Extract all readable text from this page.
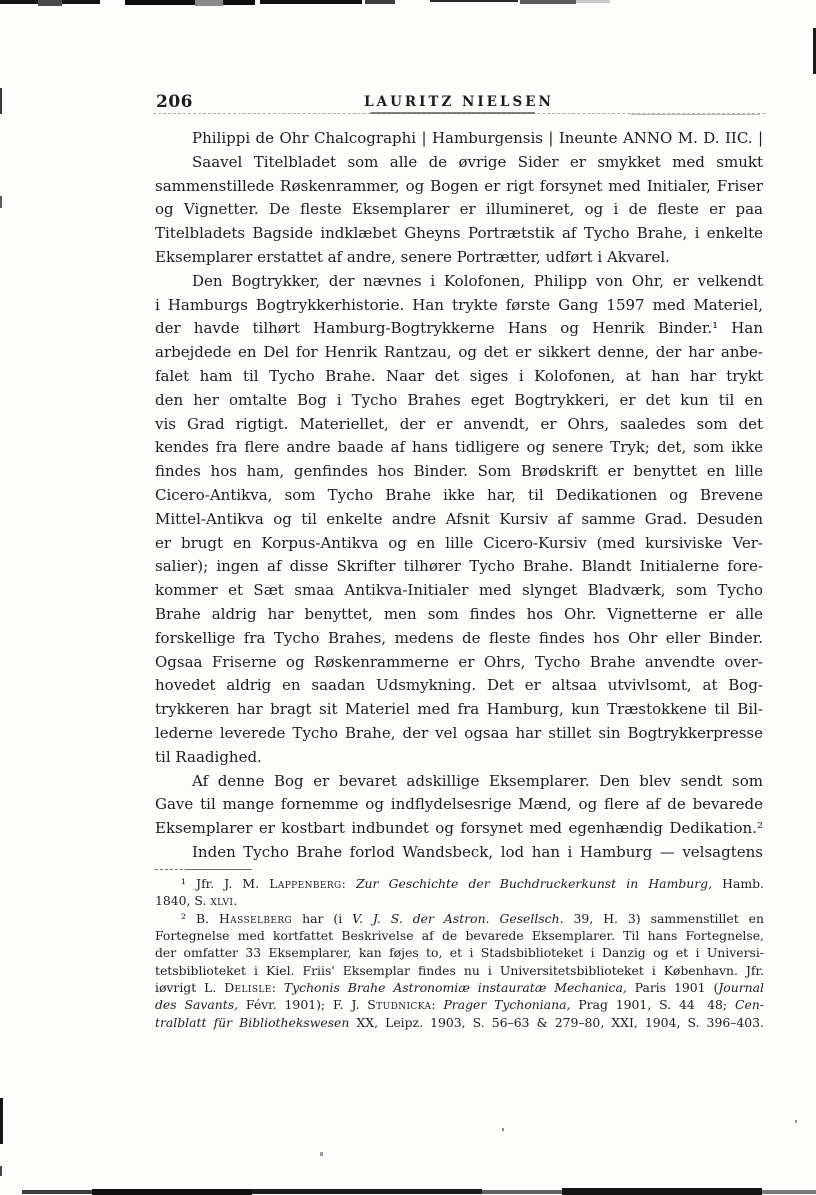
206	LAURITZ NIELSEN
Philippi de Ohr Chalcographi | Hamburgensis | Ineunte ANNO M. D. IIC. |
Saavel Titelbladet som alle de øvrige Sider er smykket med smukt
sammenstillede Røskenrammer, og Bogen er rigt forsynet med Initialer, Friser
og Vignetter. De fleste Eksemplarer er illumineret, og i de fleste er paa
Titelbladets Bagside indklæbet Gheyns Portrætstik af Tycho Brahe, i enkelte
Eksemplarer erstattet af andre, senere Portrætter, udført i Akvarel.
Den Bogtrykker, der nævnes i Kolofonen, Philipp von Ohr, er velkendt
i Hamburgs Bogtrykkerhistorie. Han trykte første Gang 1597 med Materiel,
der havde tilhørt Hamburg-Bogtrykkerne Hans og Henrik Binder.¹ Han
arbejdede en Del for Henrik Rantzau, og det er sikkert denne, der har anbe-
falet ham til Tycho Brahe. Naar det siges i Kolofonen, at han har trykt
den her omtalte Bog i Tycho Brahes eget Bogtrykkeri, er det kun til en
vis Grad rigtigt. Materiellet, der er anvendt, er Ohrs, saaledes som det
kendes fra flere andre baade af hans tidligere og senere Tryk; det, som ikke
findes hos ham, genfindes hos Binder. Som Brødskrift er benyttet en lille
Cicero-Antikva, som Tycho Brahe ikke har, til Dedikationen og Brevene
Mittel-Antikva og til enkelte andre Afsnit Kursiv af samme Grad. Desuden
er brugt en Korpus-Antikva og en lille Cicero-Kursiv (med kursiviske Ver-
salier); ingen af disse Skrifter tilhører Tycho Brahe. Blandt Initialerne fore-
kommer et Sæt smaa Antikva-Initialer med slynget Bladværk, som Tycho
Brahe aldrig har benyttet, men som findes hos Ohr. Vignetterne er alle
forskellige fra Tycho Brahes, medens de fleste findes hos Ohr eller Binder.
Ogsaa Friserne og Røskenrammerne er Ohrs, Tycho Brahe anvendte over-
hovedet aldrig en saadan Udsmykning. Det er altsaa utvivlsomt, at Bog-
trykkeren har bragt sit Materiel med fra Hamburg, kun Træstokkene til Bil-
lederne leverede Tycho Brahe, der vel ogsaa har stillet sin Bogtrykkerpresse
til Raadighed.
Af denne Bog er bevaret adskillige Eksemplarer. Den blev sendt som
Gave til mange fornemme og indflydelsesrige Mænd, og flere af de bevarede
Eksemplarer er kostbart indbundet og forsynet med egenhændig Dedikation.²
Inden Tycho Brahe forlod Wandsbeck, lod han i Hamburg — velsagtens
¹ Jfr. J. M. Lappenberg: Zur Geschichte der Buchdruckerkunst in Hamburg, Hamb.
1840, S. xlvi.
² B. Hasselberg har (i V. J. S. der Astron. Gesellsch. 39, H. 3) sammenstillet en
Fortegnelse med kortfattet Beskrivelse af de bevarede Eksemplarer. Til hans Fortegnelse,
der omfatter 33 Eksemplarer, kan føjes to, et i Stadsbiblioteket i Danzig og et i Universi-
tetsbiblioteket i Kiel. Friis' Eksemplar findes nu i Universitetsbiblioteket i København. Jfr.
iøvrigt L. Delisle: Tychonis Brahe Astronomiæ instauratæ Mechanica, Paris 1901 (Journal
des Savants, Févr. 1901); F. J. Studnicka: Prager Tychoniana, Prag 1901, S. 44  48; Cen-
tralblatt für Bibliothekswesen XX, Leipz. 1903, S. 56–63 & 279–80, XXI, 1904, S. 396–403.
